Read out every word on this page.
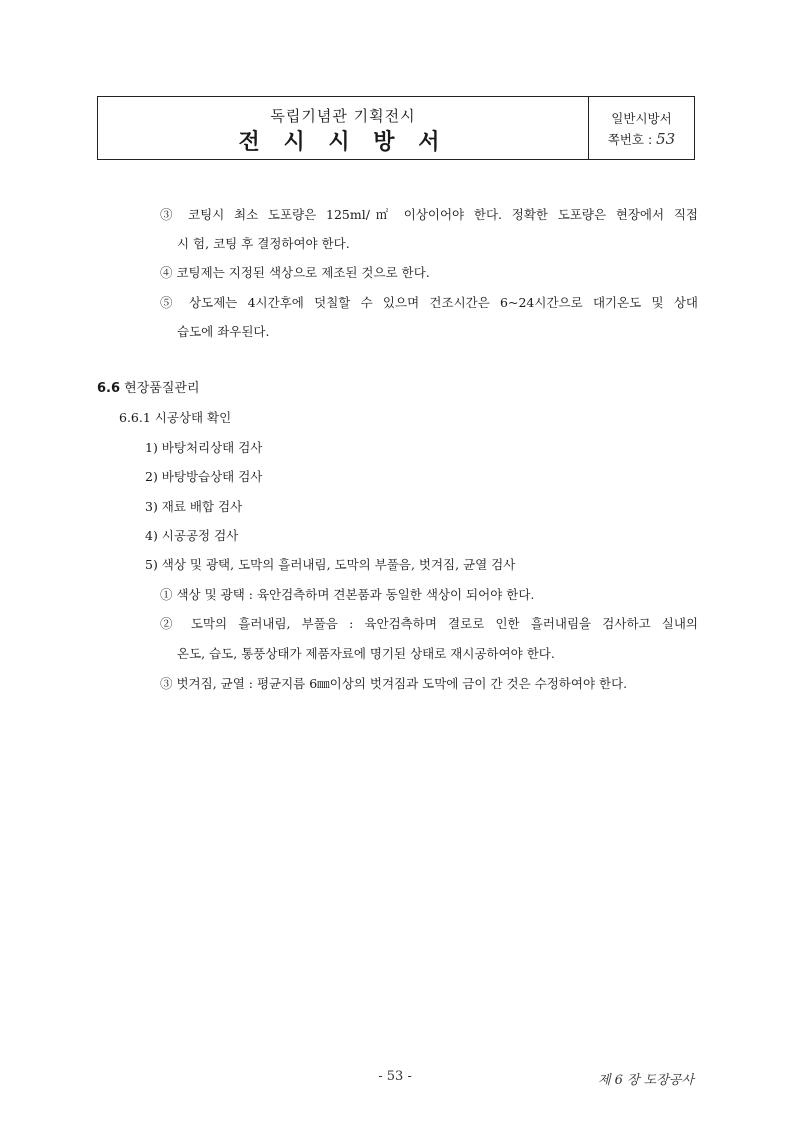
독립기념관 기획전시
전 시 시 방 서
일반시방서
쪽번호 : 53
③ 코팅시 최소 도포량은 125ml/㎡ 이상이어야 한다. 정확한 도포량은 현장에서 직접
시 험, 코팅 후 결정하여야 한다.
④ 코팅제는 지정된 색상으로 제조된 것으로 한다.
⑤ 상도제는 4시간후에 덧칠할 수 있으며 건조시간은 6~24시간으로 대기온도 및 상대
습도에 좌우된다.
6.6 현장품질관리
6.6.1 시공상태 확인
1) 바탕처리상태 검사
2) 바탕방습상태 검사
3) 재료 배합 검사
4) 시공공정 검사
5) 색상 및 광택, 도막의 흘러내림, 도막의 부풀음, 벗겨짐, 균열 검사
① 색상 및 광택 : 육안검측하며 견본품과 동일한 색상이 되어야 한다.
② 도막의 흘러내림, 부풀음 : 육안검측하며 결로로 인한 흘러내림을 검사하고 실내의
온도, 습도, 통풍상태가 제품자료에 명기된 상태로 재시공하여야 한다.
③ 벗겨짐, 균열 : 평균지름 6㎜이상의 벗겨짐과 도막에 금이 간 것은 수정하여야 한다.
- 53 -	제 6 장 도장공사
